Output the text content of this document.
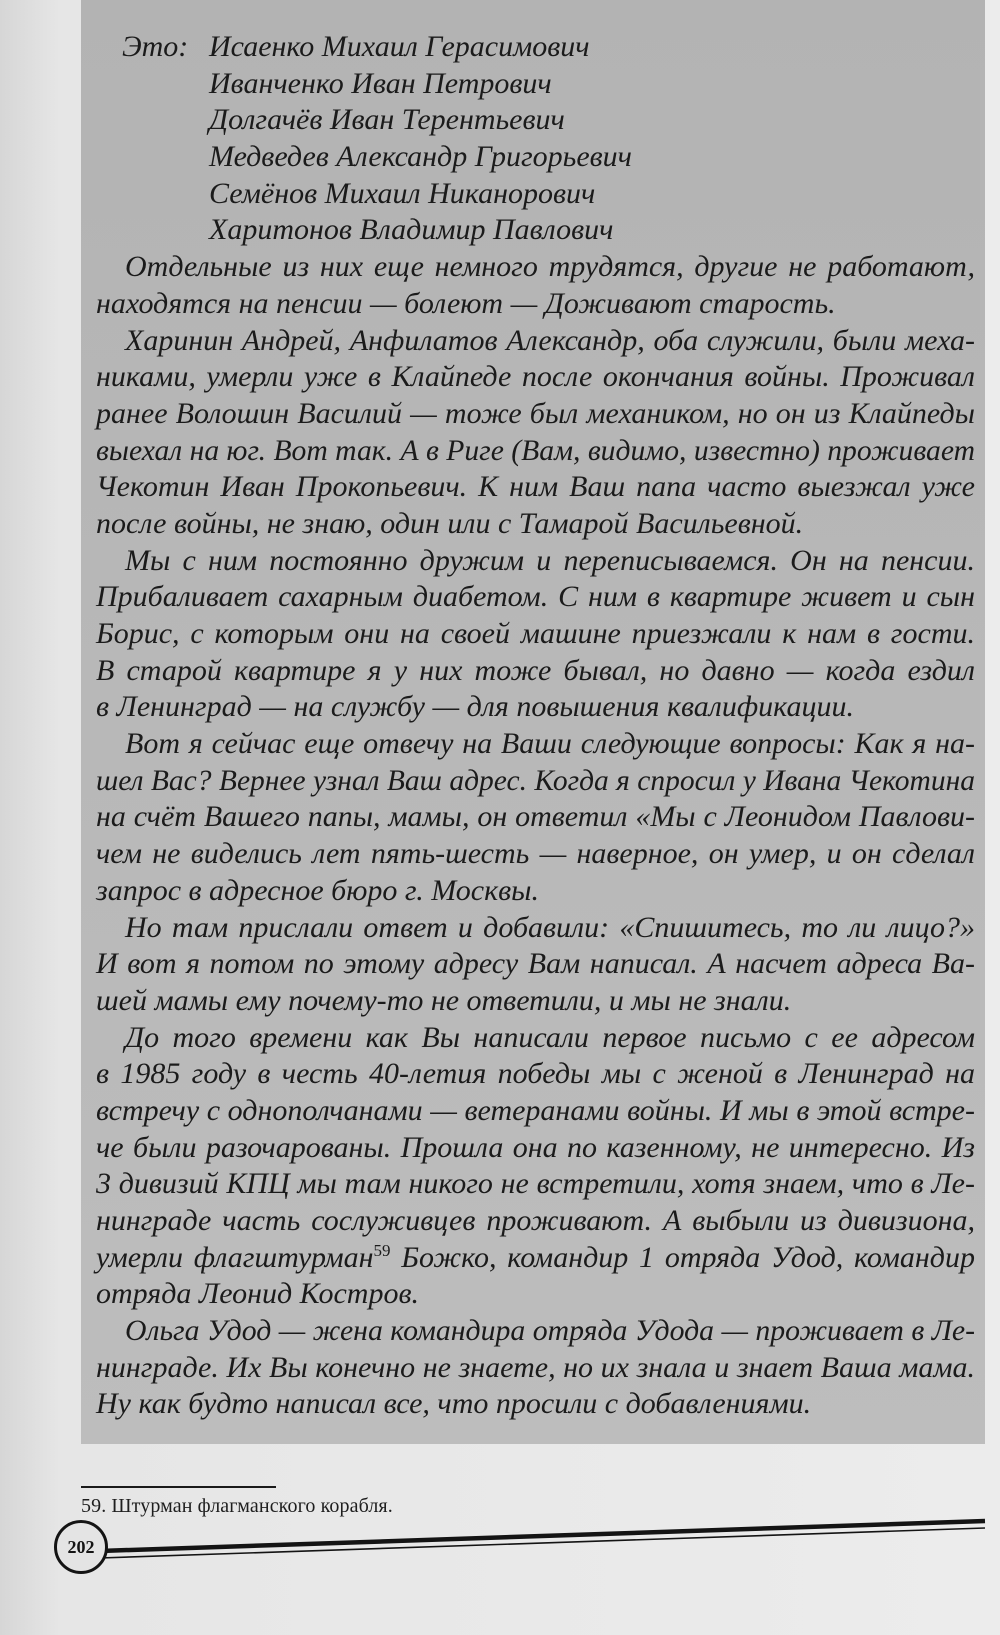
Это: Исаенко Михаил Герасимович
Иванченко Иван Петрович
Долгачёв Иван Терентьевич
Медведев Александр Григорьевич
Семёнов Михаил Никанорович
Харитонов Владимир Павлович
Отдельные из них еще немного трудятся, другие не работают,
находятся на пенсии — болеют — Доживают старость.
Харинин Андрей, Анфилатов Александр, оба служили, были меха-
никами, умерли уже в Клайпеде после окончания войны. Проживал
ранее Волошин Василий — тоже был механиком, но он из Клайпеды
выехал на юг. Вот так. А в Риге (Вам, видимо, известно) проживает
Чекотин Иван Прокопьевич. К ним Ваш папа часто выезжал уже
после войны, не знаю, один или с Тамарой Васильевной.
Мы с ним постоянно дружим и переписываемся. Он на пенсии.
Прибаливает сахарным диабетом. С ним в квартире живет и сын
Борис, с которым они на своей машине приезжали к нам в гости.
В старой квартире я у них тоже бывал, но давно — когда ездил
в Ленинград — на службу — для повышения квалификации.
Вот я сейчас еще отвечу на Ваши следующие вопросы: Как я на-
шел Вас? Вернее узнал Ваш адрес. Когда я спросил у Ивана Чекотина
на счёт Вашего папы, мамы, он ответил «Мы с Леонидом Павлови-
чем не виделись лет пять-шесть — наверное, он умер, и он сделал
запрос в адресное бюро г. Москвы.
Но там прислали ответ и добавили: «Спишитесь, то ли лицо?»
И вот я потом по этому адресу Вам написал. А насчет адреса Ва-
шей мамы ему почему-то не ответили, и мы не знали.
До того времени как Вы написали первое письмо с ее адресом
в 1985 году в честь 40-летия победы мы с женой в Ленинград на
встречу с однополчанами — ветеранами войны. И мы в этой встре-
че были разочарованы. Прошла она по казенному, не интересно. Из
3 дивизий КПЦ мы там никого не встретили, хотя знаем, что в Ле-
нинграде часть сослуживцев проживают. А выбыли из дивизиона,
умерли флагштурман$^{59}$ Божко, командир 1 отряда Удод, командир
отряда Леонид Костров.
Ольга Удод — жена командира отряда Удода — проживает в Ле-
нинграде. Их Вы конечно не знаете, но их знала и знает Ваша мама.
Ну как будто написал все, что просили с добавлениями.
59. Штурман флагманского корабля.
202
